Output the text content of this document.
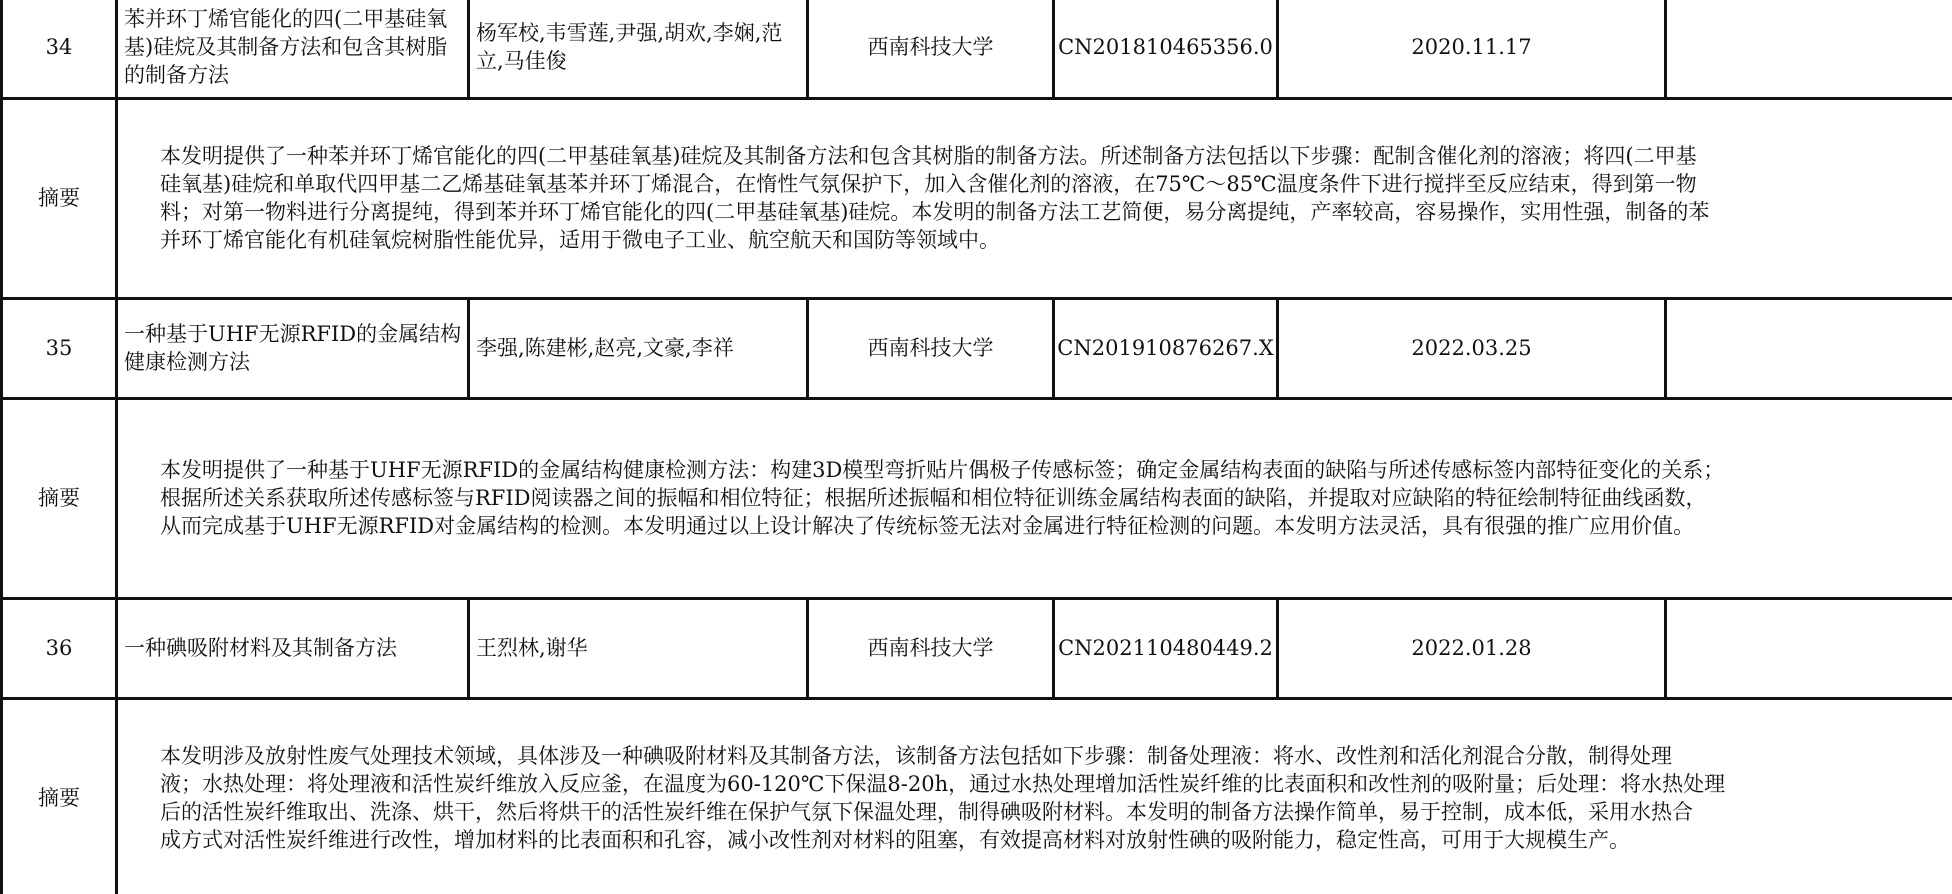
34	苯并环丁烯官能化的四(二甲基硅氧基)硅烷及其制备方法和包含其树脂的制备方法	杨军校,韦雪莲,尹强,胡欢,李娴,范立,马佳俊	西南科技大学	CN201810465356.0	2020.11.17	
摘要	本发明提供了一种苯并环丁烯官能化的四(二甲基硅氧基)硅烷及其制备方法和包含其树脂的制备方法。所述制备方法包括以下步骤：配制含催化剂的溶液；将四(二甲基
硅氧基)硅烷和单取代四甲基二乙烯基硅氧基苯并环丁烯混合，在惰性气氛保护下，加入含催化剂的溶液，在75℃～85℃温度条件下进行搅拌至反应结束，得到第一物
料；对第一物料进行分离提纯，得到苯并环丁烯官能化的四(二甲基硅氧基)硅烷。本发明的制备方法工艺简便，易分离提纯，产率较高，容易操作，实用性强，制备的苯
并环丁烯官能化有机硅氧烷树脂性能优异，适用于微电子工业、航空航天和国防等领域中。					

35	一种基于UHF无源RFID的金属结构健康检测方法	李强,陈建彬,赵亮,文豪,李祥	西南科技大学	CN201910876267.X	2022.03.25	
摘要	本发明提供了一种基于UHF无源RFID的金属结构健康检测方法：构建3D模型弯折贴片偶极子传感标签；确定金属结构表面的缺陷与所述传感标签内部特征变化的关系；
根据所述关系获取所述传感标签与RFID阅读器之间的振幅和相位特征；根据所述振幅和相位特征训练金属结构表面的缺陷，并提取对应缺陷的特征绘制特征曲线函数，
从而完成基于UHF无源RFID对金属结构的检测。本发明通过以上设计解决了传统标签无法对金属进行特征检测的问题。本发明方法灵活，具有很强的推广应用价值。					

36	一种碘吸附材料及其制备方法	王烈林,谢华	西南科技大学	CN202110480449.2	2022.01.28	
摘要	本发明涉及放射性废气处理技术领域，具体涉及一种碘吸附材料及其制备方法，该制备方法包括如下步骤：制备处理液：将水、改性剂和活化剂混合分散，制得处理
液；水热处理：将处理液和活性炭纤维放入反应釜，在温度为60-120℃下保温8-20h，通过水热处理增加活性炭纤维的比表面积和改性剂的吸附量；后处理：将水热处理
后的活性炭纤维取出、洗涤、烘干，然后将烘干的活性炭纤维在保护气氛下保温处理，制得碘吸附材料。本发明的制备方法操作简单，易于控制，成本低，采用水热合
成方式对活性炭纤维进行改性，增加材料的比表面积和孔容，减小改性剂对材料的阻塞，有效提高材料对放射性碘的吸附能力，稳定性高，可用于大规模生产。					
